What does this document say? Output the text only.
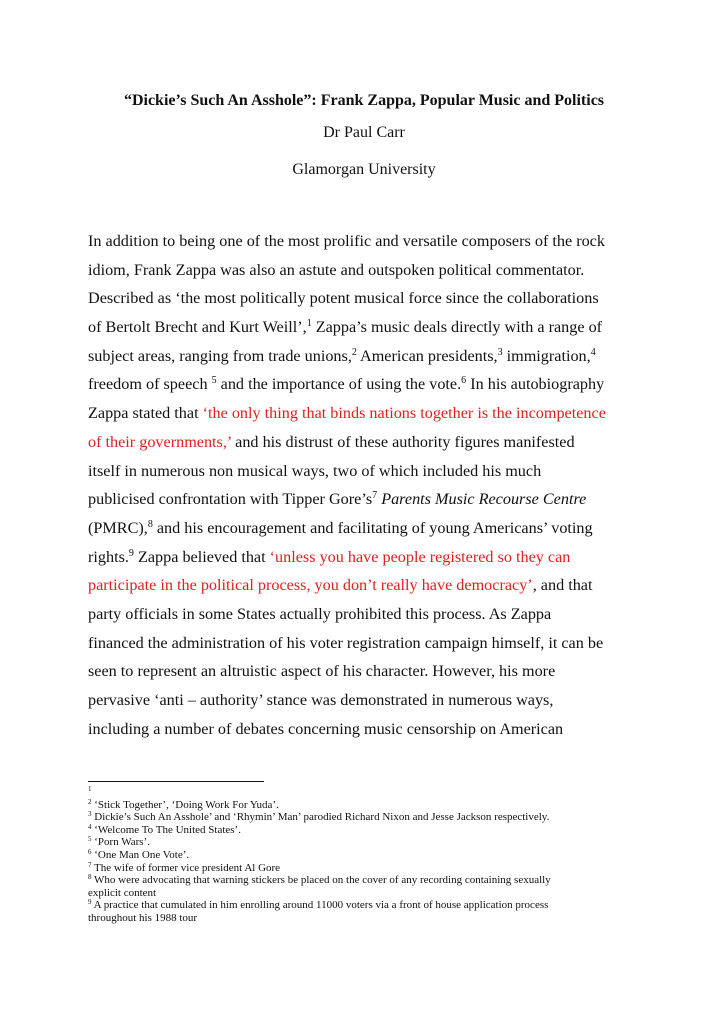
“Dickie’s Such An Asshole”: Frank Zappa, Popular Music and Politics
Dr Paul Carr
Glamorgan University
In addition to being one of the most prolific and versatile composers of the rock
idiom, Frank Zappa was also an astute and outspoken political commentator.
Described as ‘the most politically potent musical force since the collaborations
of Bertolt Brecht and Kurt Weill’,$^1$ Zappa’s music deals directly with a range of
subject areas, ranging from trade unions,$^2$ American presidents,$^3$ immigration,$^4$
freedom of speech $^5$ and the importance of using the vote.$^6$ In his autobiography
Zappa stated that ‘the only thing that binds nations together is the incompetence
of their governments,’ and his distrust of these authority figures manifested
itself in numerous non musical ways, two of which included his much
publicised confrontation with Tipper $Gore’s^7$ Parents Music Recourse Centre
(PMRC),$^8$ and his encouragement and facilitating of young Americans’ voting
rights.$^9$ Zappa believed that ‘unless you have people registered so they can
participate in the political process, you don’t really have democracy’, and that
party officials in some States actually prohibited this process. As Zappa
financed the administration of his voter registration campaign himself, it can be
seen to represent an altruistic aspect of his character. However, his more
pervasive ‘anti – authority’ stance was demonstrated in numerous ways,
including a number of debates concerning music censorship on American
$^1$
$^2$ ‘Stick Together’, ‘Doing Work For Yuda’.
$^3$ Dickie’s Such An Asshole’ and ‘Rhymin’ Man’ parodied Richard Nixon and Jesse Jackson respectively.
$^4$ ‘Welcome To The United States’.
$^5$ ‘Porn Wars’.
$^6$ ‘One Man One Vote’.
$^7$ The wife of former vice president Al Gore
$^8$ Who were advocating that warning stickers be placed on the cover of any recording containing sexually
explicit content
$^9$ A practice that cumulated in him enrolling around 11000 voters via a front of house application process
throughout his 1988 tour
